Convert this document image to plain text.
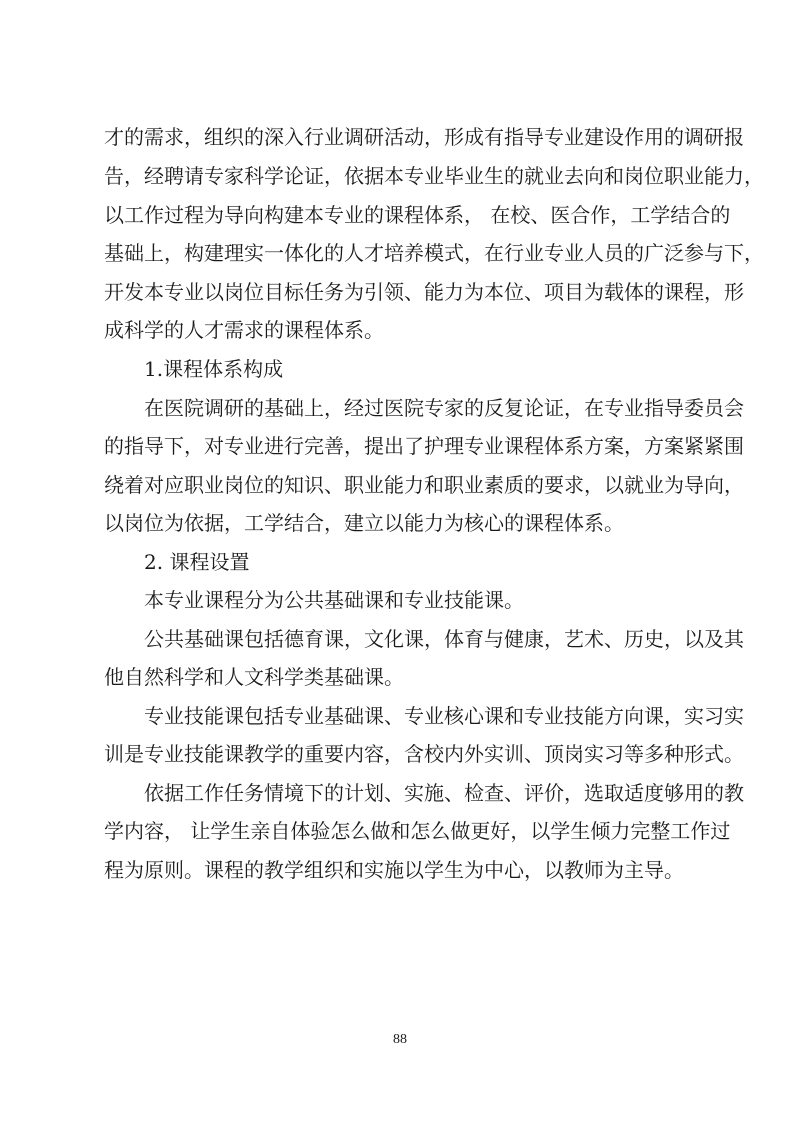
才的需求，组织的深入行业调研活动，形成有指导专业建设作用的调研报
告，经聘请专家科学论证，依据本专业毕业生的就业去向和岗位职业能力，
以工作过程为导向构建本专业的课程体系， 在校、医合作，工学结合的
基础上，构建理实一体化的人才培养模式，在行业专业人员的广泛参与下，
开发本专业以岗位目标任务为引领、能力为本位、项目为载体的课程，形
成科学的人才需求的课程体系。
1.课程体系构成
在医院调研的基础上，经过医院专家的反复论证，在专业指导委员会
的指导下，对专业进行完善，提出了护理专业课程体系方案，方案紧紧围
绕着对应职业岗位的知识、职业能力和职业素质的要求，以就业为导向，
以岗位为依据，工学结合，建立以能力为核心的课程体系。
2. 课程设置
本专业课程分为公共基础课和专业技能课。
公共基础课包括德育课，文化课，体育与健康，艺术、历史，以及其
他自然科学和人文科学类基础课。
专业技能课包括专业基础课、专业核心课和专业技能方向课，实习实
训是专业技能课教学的重要内容，含校内外实训、顶岗实习等多种形式。
依据工作任务情境下的计划、实施、检查、评价，选取适度够用的教
学内容， 让学生亲自体验怎么做和怎么做更好，以学生倾力完整工作过
程为原则。课程的教学组织和实施以学生为中心，以教师为主导。
88
